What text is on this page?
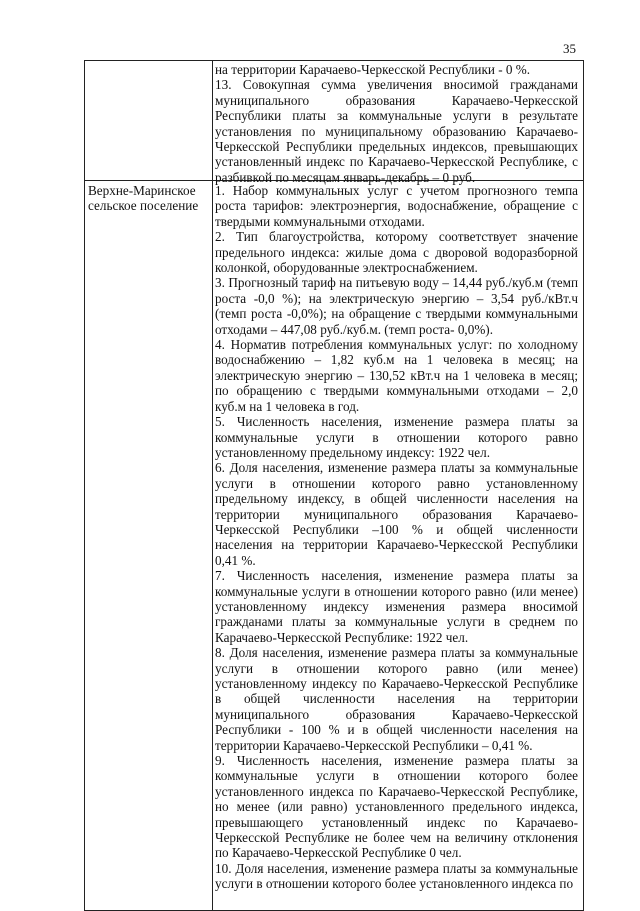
35

на территории Карачаево-Черкесской Республики - 0 %.

13. Совокупная сумма увеличения вносимой гражданами муниципального образования Карачаево-Черкесской Республики платы за коммунальные услуги в результате установления по муниципальному образованию Карачаево-Черкесской Республики предельных индексов, превышающих установленный индекс по Карачаево-Черкесской Республике, с разбивкой по месяцам январь-декабрь – 0 руб.

Верхне-Маринское сельское поселение

1. Набор коммунальных услуг с учетом прогнозного темпа роста тарифов: электроэнергия, водоснабжение, обращение с твердыми коммунальными отходами.

2. Тип благоустройства, которому соответствует значение предельного индекса: жилые дома с дворовой водоразборной колонкой, оборудованные электроснабжением.

3. Прогнозный тариф на питьевую воду – 14,44 руб./куб.м (темп роста -0,0 %); на электрическую энергию – 3,54 руб./кВт.ч (темп роста -0,0%); на обращение с твердыми коммунальными отходами – 447,08 руб./куб.м. (темп роста- 0,0%).

4. Норматив потребления коммунальных услуг: по холодному водоснабжению – 1,82 куб.м на 1 человека в месяц; на электрическую энергию – 130,52 кВт.ч на 1 человека в месяц; по обращению с твердыми коммунальными отходами – 2,0 куб.м на 1 человека в год.

5. Численность населения, изменение размера платы за коммунальные услуги в отношении которого равно установленному предельному индексу: 1922 чел.

6. Доля населения, изменение размера платы за коммунальные услуги в отношении которого равно установленному предельному индексу, в общей численности населения на территории муниципального образования Карачаево-Черкесской Республики –100 % и общей численности населения на территории Карачаево-Черкесской Республики 0,41 %.

7. Численность населения, изменение размера платы за коммунальные услуги в отношении которого равно (или менее) установленному индексу изменения размера вносимой гражданами платы за коммунальные услуги в среднем по Карачаево-Черкесской Республике: 1922 чел.

8. Доля населения, изменение размера платы за коммунальные услуги в отношении которого равно (или менее) установленному индексу по Карачаево-Черкесской Республике в общей численности населения на территории муниципального образования Карачаево-Черкесской Республики - 100 % и в общей численности населения на территории Карачаево-Черкесской Республики – 0,41 %.

9. Численность населения, изменение размера платы за коммунальные услуги в отношении которого более установленного индекса по Карачаево-Черкесской Республике, но менее (или равно) установленного предельного индекса, превышающего установленный индекс по Карачаево-Черкесской Республике не более чем на величину отклонения по Карачаево-Черкесской Республике 0 чел.

10. Доля населения, изменение размера платы за коммунальные услуги в отношении которого более установленного индекса по
